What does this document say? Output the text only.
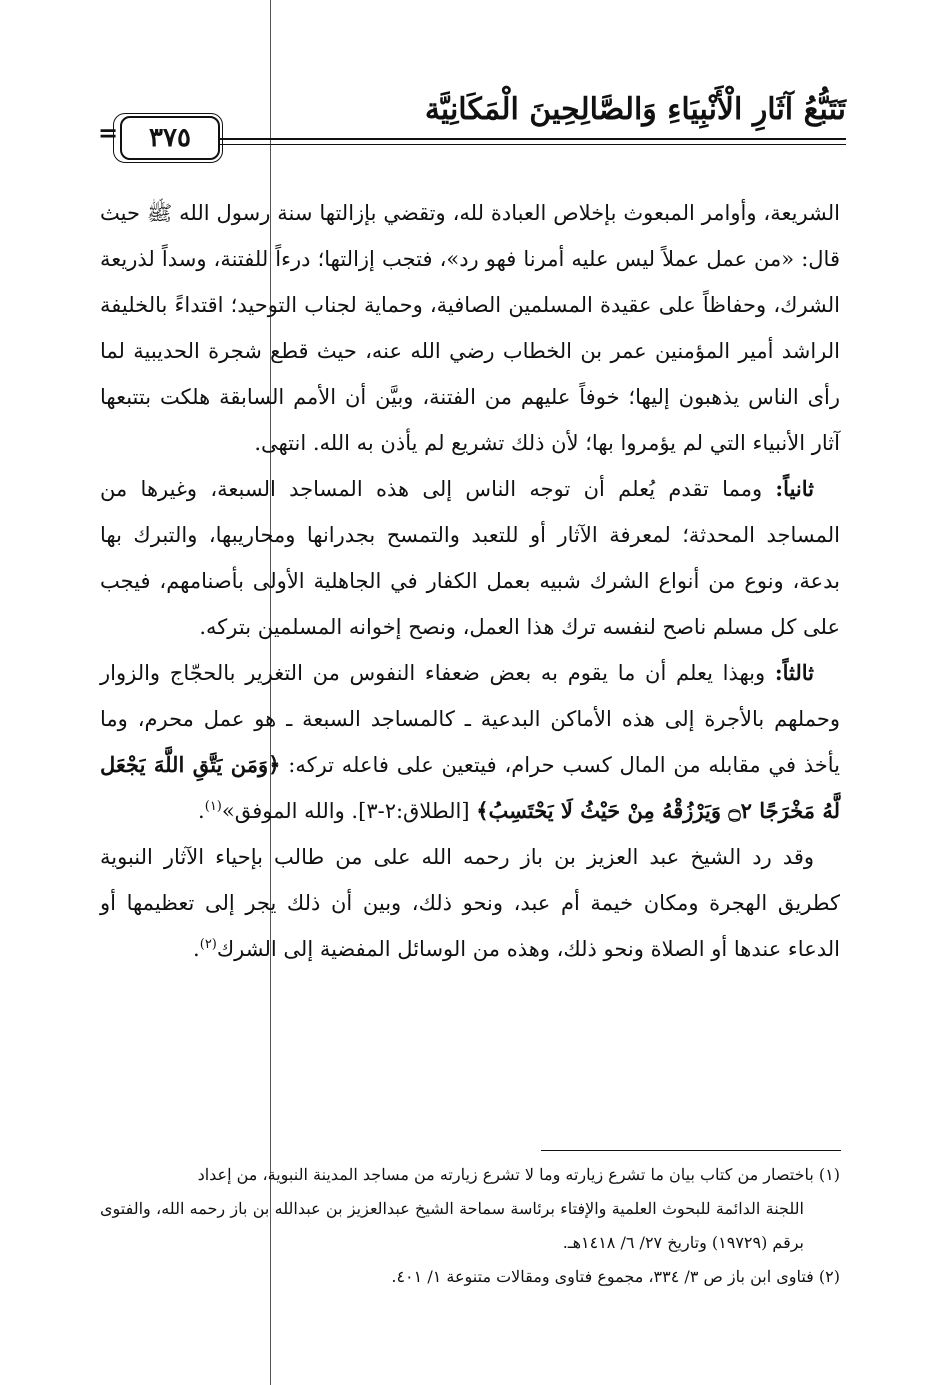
=	٣٧٥
تَتَبُّعُ آثَارِ الْأَنْبِيَاءِ وَالصَّالِحِينَ الْمَكَانِيَّة

الشريعة، وأوامر المبعوث بإخلاص العبادة لله، وتقضي بإزالتها سنة رسول الله ﷺ حيث قال: «من عمل عملاً ليس عليه أمرنا فهو رد»، فتجب إزالتها؛ درءاً للفتنة، وسداً لذريعة الشرك، وحفاظاً على عقيدة المسلمين الصافية، وحماية لجناب التوحيد؛ اقتداءً بالخليفة الراشد أمير المؤمنين عمر بن الخطاب رضي الله عنه، حيث قطع شجرة الحديبية لما رأى الناس يذهبون إليها؛ خوفاً عليهم من الفتنة، وبيَّن أن الأمم السابقة هلكت بتتبعها آثار الأنبياء التي لم يؤمروا بها؛ لأن ذلك تشريع لم يأذن به الله. انتهى.

ثانياً: ومما تقدم يُعلم أن توجه الناس إلى هذه المساجد السبعة، وغيرها من المساجد المحدثة؛ لمعرفة الآثار أو للتعبد والتمسح بجدرانها ومحاريبها، والتبرك بها بدعة، ونوع من أنواع الشرك شبيه بعمل الكفار في الجاهلية الأولى بأصنامهم، فيجب على كل مسلم ناصح لنفسه ترك هذا العمل، ونصح إخوانه المسلمين بتركه.

ثالثاً: وبهذا يعلم أن ما يقوم به بعض ضعفاء النفوس من التغرير بالحجّاج والزوار وحملهم بالأجرة إلى هذه الأماكن البدعية ـ كالمساجد السبعة ـ هو عمل محرم، وما يأخذ في مقابله من المال كسب حرام، فيتعين على فاعله تركه: ﴿وَمَن يَتَّقِ اللَّهَ يَجْعَل لَّهُ مَخْرَجًا ۝٢ وَيَرْزُقْهُ مِنْ حَيْثُ لَا يَحْتَسِبُ﴾ [الطلاق:٢-٣]. والله الموفق»$^{(١)}$.

وقد رد الشيخ عبد العزيز بن باز رحمه الله على من طالب بإحياء الآثار النبوية كطريق الهجرة ومكان خيمة أم عبد، ونحو ذلك، وبين أن ذلك يجر إلى تعظيمها أو الدعاء عندها أو الصلاة ونحو ذلك، وهذه من الوسائل المفضية إلى الشرك$^{(٢)}$.

(١) باختصار من كتاب بيان ما تشرع زيارته وما لا تشرع زيارته من مساجد المدينة النبوية، من إعداد

اللجنة الدائمة للبحوث العلمية والإفتاء برئاسة سماحة الشيخ عبدالعزيز بن عبدالله بن باز رحمه الله، والفتوى برقم (١٩٧٢٩) وتاريخ ٢٧/ ٦/ ١٤١٨هـ.

(٢) فتاوى ابن باز ص ٣/ ٣٣٤، مجموع فتاوى ومقالات متنوعة ١/ ٤٠١.
